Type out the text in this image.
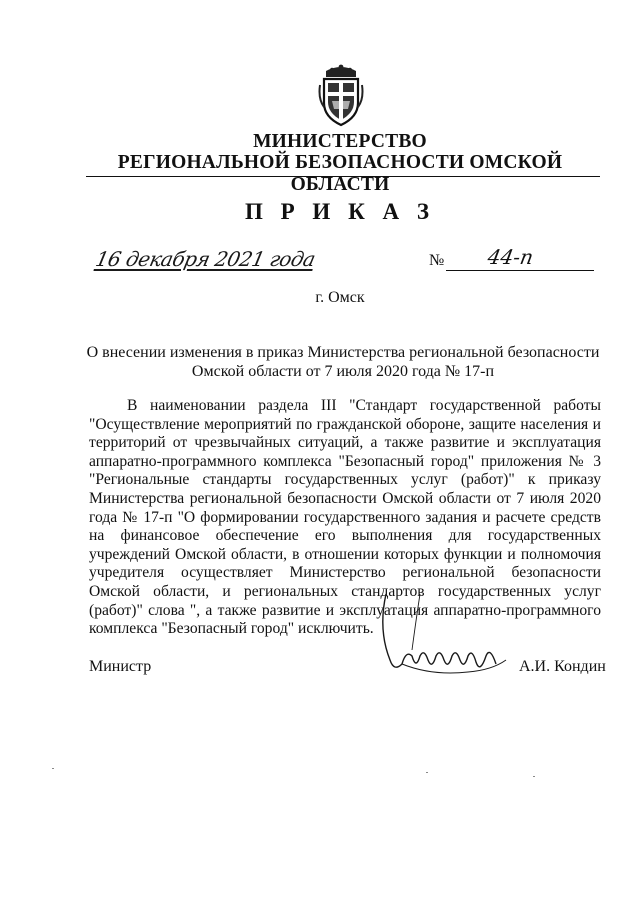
МИНИСТЕРСТВО
РЕГИОНАЛЬНОЙ БЕЗОПАСНОСТИ ОМСКОЙ ОБЛАСТИ
П Р И К А З
16 декабря 2021 года	№ 44-п
г. Омск
О внесении изменения в приказ Министерства региональной безопасности
Омской области от 7 июля 2020 года № 17-п

В наименовании раздела III "Стандарт государственной работы "Осуществление мероприятий по гражданской обороне, защите населения и территорий от чрезвычайных ситуаций, а также развитие и эксплуатация аппаратно-программного комплекса "Безопасный город" приложения № 3 "Региональные стандарты государственных услуг (работ)" к приказу Министерства региональной безопасности Омской области от 7 июля 2020 года № 17-п "О формировании государственного задания и расчете средств на финансовое обеспечение его выполнения для государственных учреждений Омской области, в отношении которых функции и полномочия учредителя осуществляет Министерство региональной безопасности Омской области, и региональных стандартов государственных услуг (работ)" слова ", а также развитие и эксплуатация аппаратно-программного комплекса "Безопасный город" исключить.

Министр	А.И. Кондин
